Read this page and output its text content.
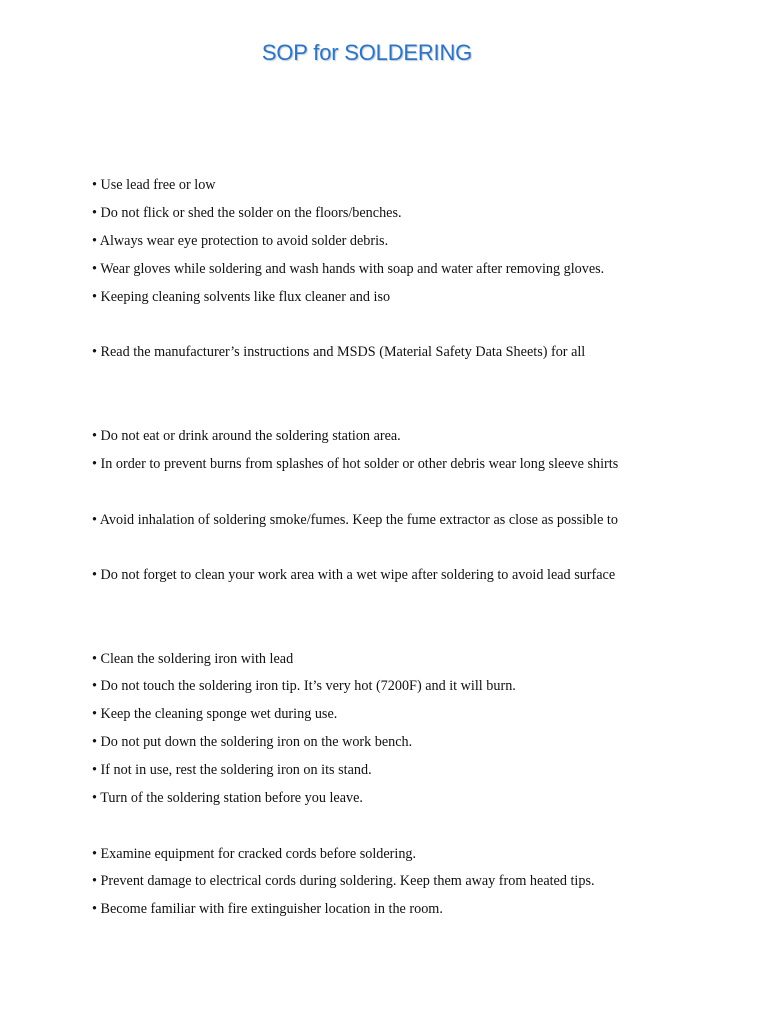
SOP for SOLDERING
• Use lead free or low
• Do not flick or shed the solder on the floors/benches.
• Always wear eye protection to avoid solder debris.
• Wear gloves while soldering and wash hands with soap and water after removing gloves.
• Keeping cleaning solvents like flux cleaner and iso
• Read the manufacturer’s instructions and MSDS (Material Safety Data Sheets) for all
• Do not eat or drink around the soldering station area.
• In order to prevent burns from splashes of hot solder or other debris wear long sleeve shirts
• Avoid inhalation of soldering smoke/fumes. Keep the fume extractor as close as possible to
• Do not forget to clean your work area with a wet wipe after soldering to avoid lead surface
• Clean the soldering iron with lead
• Do not touch the soldering iron tip. It’s very hot (7200F) and it will burn.
• Keep the cleaning sponge wet during use.
• Do not put down the soldering iron on the work bench.
• If not in use, rest the soldering iron on its stand.
• Turn of the soldering station before you leave.
• Examine equipment for cracked cords before soldering.
• Prevent damage to electrical cords during soldering. Keep them away from heated tips.
• Become familiar with fire extinguisher location in the room.
